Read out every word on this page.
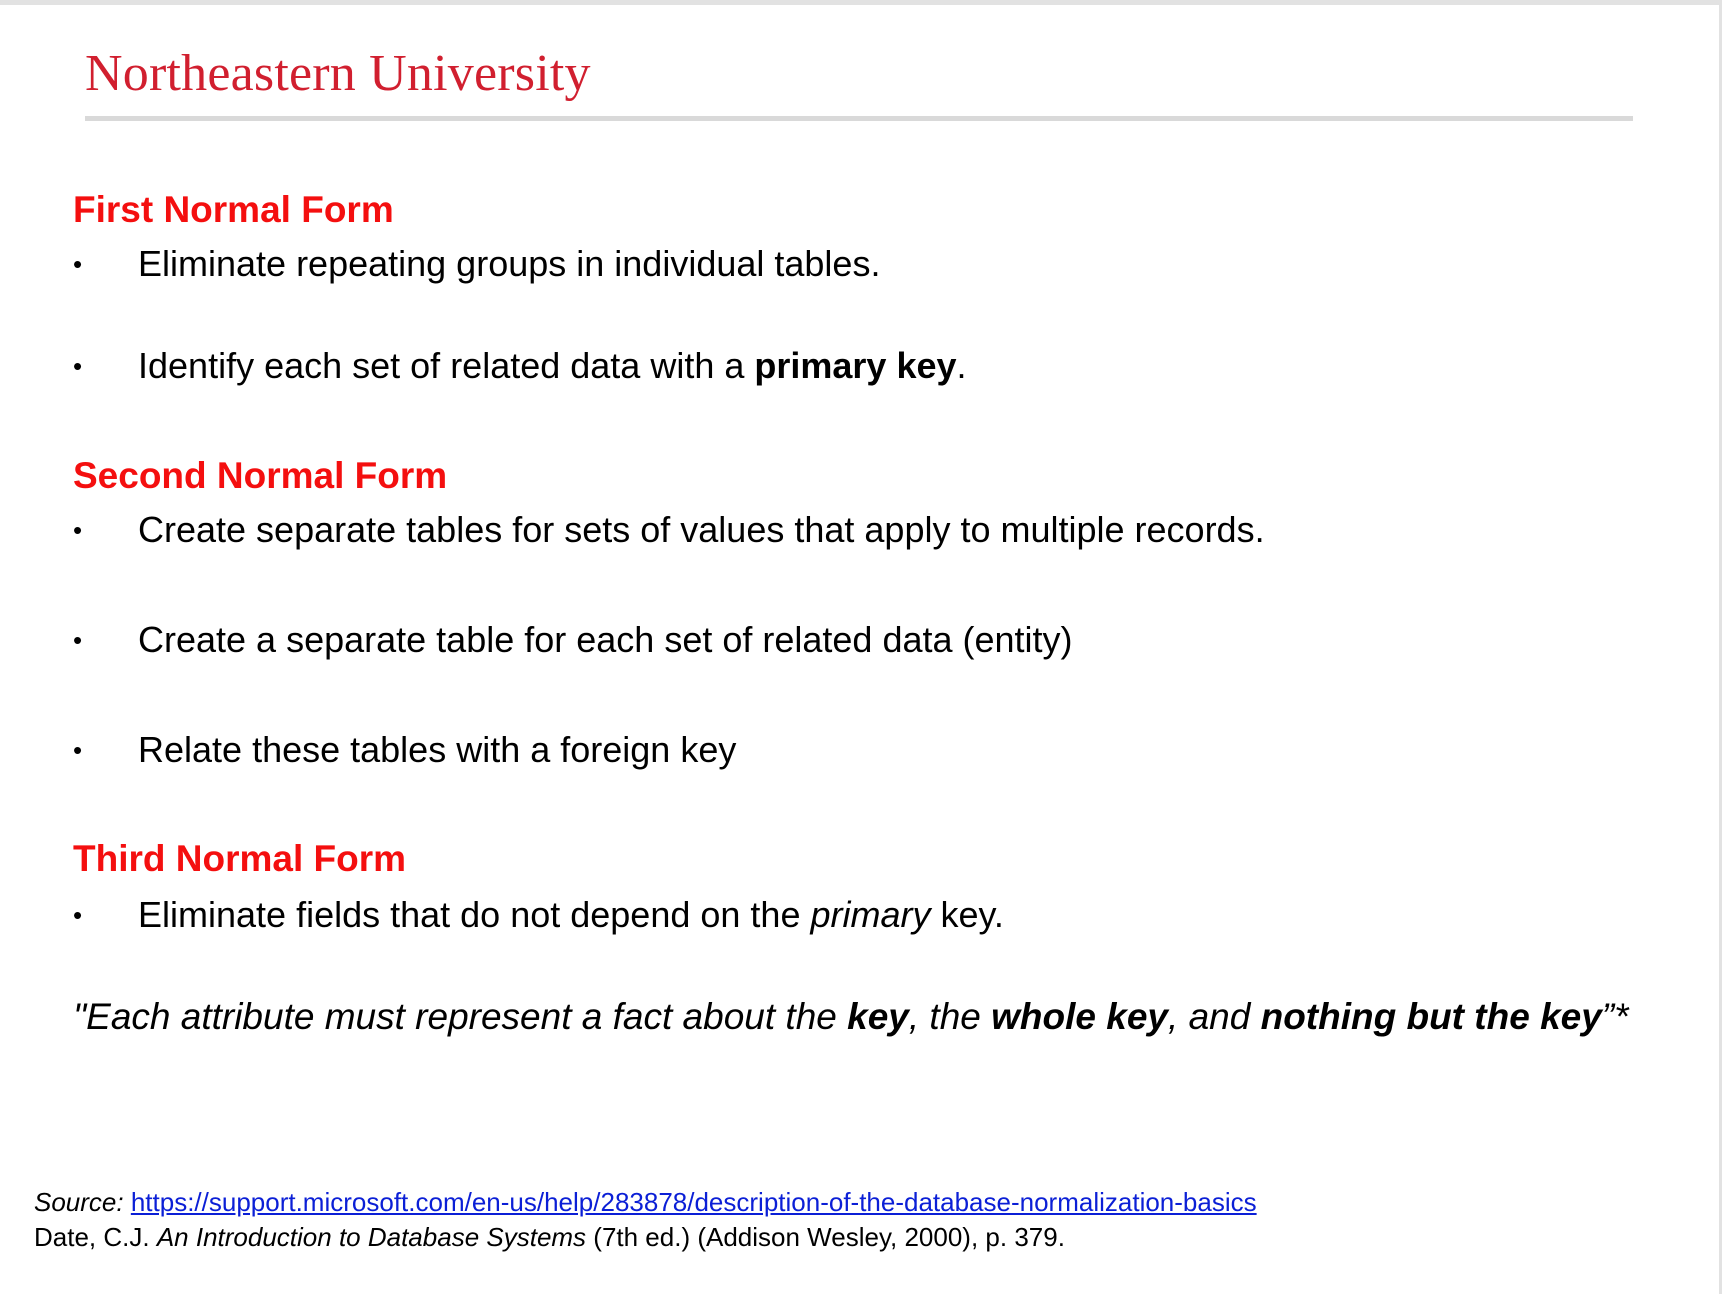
Northeastern University
First Normal Form
• Eliminate repeating groups in individual tables.
• Identify each set of related data with a primary key.
Second Normal Form
• Create separate tables for sets of values that apply to multiple records.
• Create a separate table for each set of related data (entity)
• Relate these tables with a foreign key
Third Normal Form
• Eliminate fields that do not depend on the primary key.
"Each attribute must represent a fact about the key, the whole key, and nothing but the key”*
Source: https://support.microsoft.com/en-us/help/283878/description-of-the-database-normalization-basics
Date, C.J. An Introduction to Database Systems (7th ed.) (Addison Wesley, 2000), p. 379.
